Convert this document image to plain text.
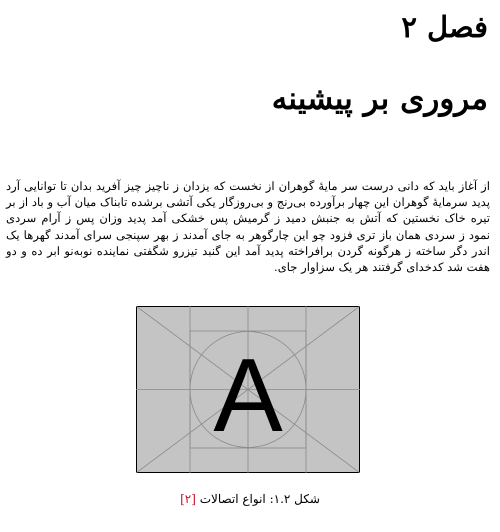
فصل ۲
مروری بر پیشینه

از آغاز باید که دانی درست سر مایهٔ گوهران از نخست که یزدان ز ناچیز چیز آفرید بدان تا توانایی آرد پدید سرمایهٔ گوهران این چهار برآورده بی‌رنج و بی‌روزگار یکی آتشی برشده تابناک میان آب و باد از بر تیره خاک نخستین که آتش به جنبش دمید ز گرمیش پس خشکی آمد پدید وزان پس ز آرام سردی نمود ز سردی همان باز تری فزود چو این چارگوهر به جای آمدند ز بهر سپنجی سرای آمدند گهرها یک اندر دگر ساخته ز هرگونه گردن برافراخته پدید آمد این گنبد تیزرو شگفتی نماینده نوبه‌نو ابر ده و دو هفت شد کدخدای گرفتند هر یک سزاوار جای.

A
شکل ۱.۲: انواع اتصالات [۲]
